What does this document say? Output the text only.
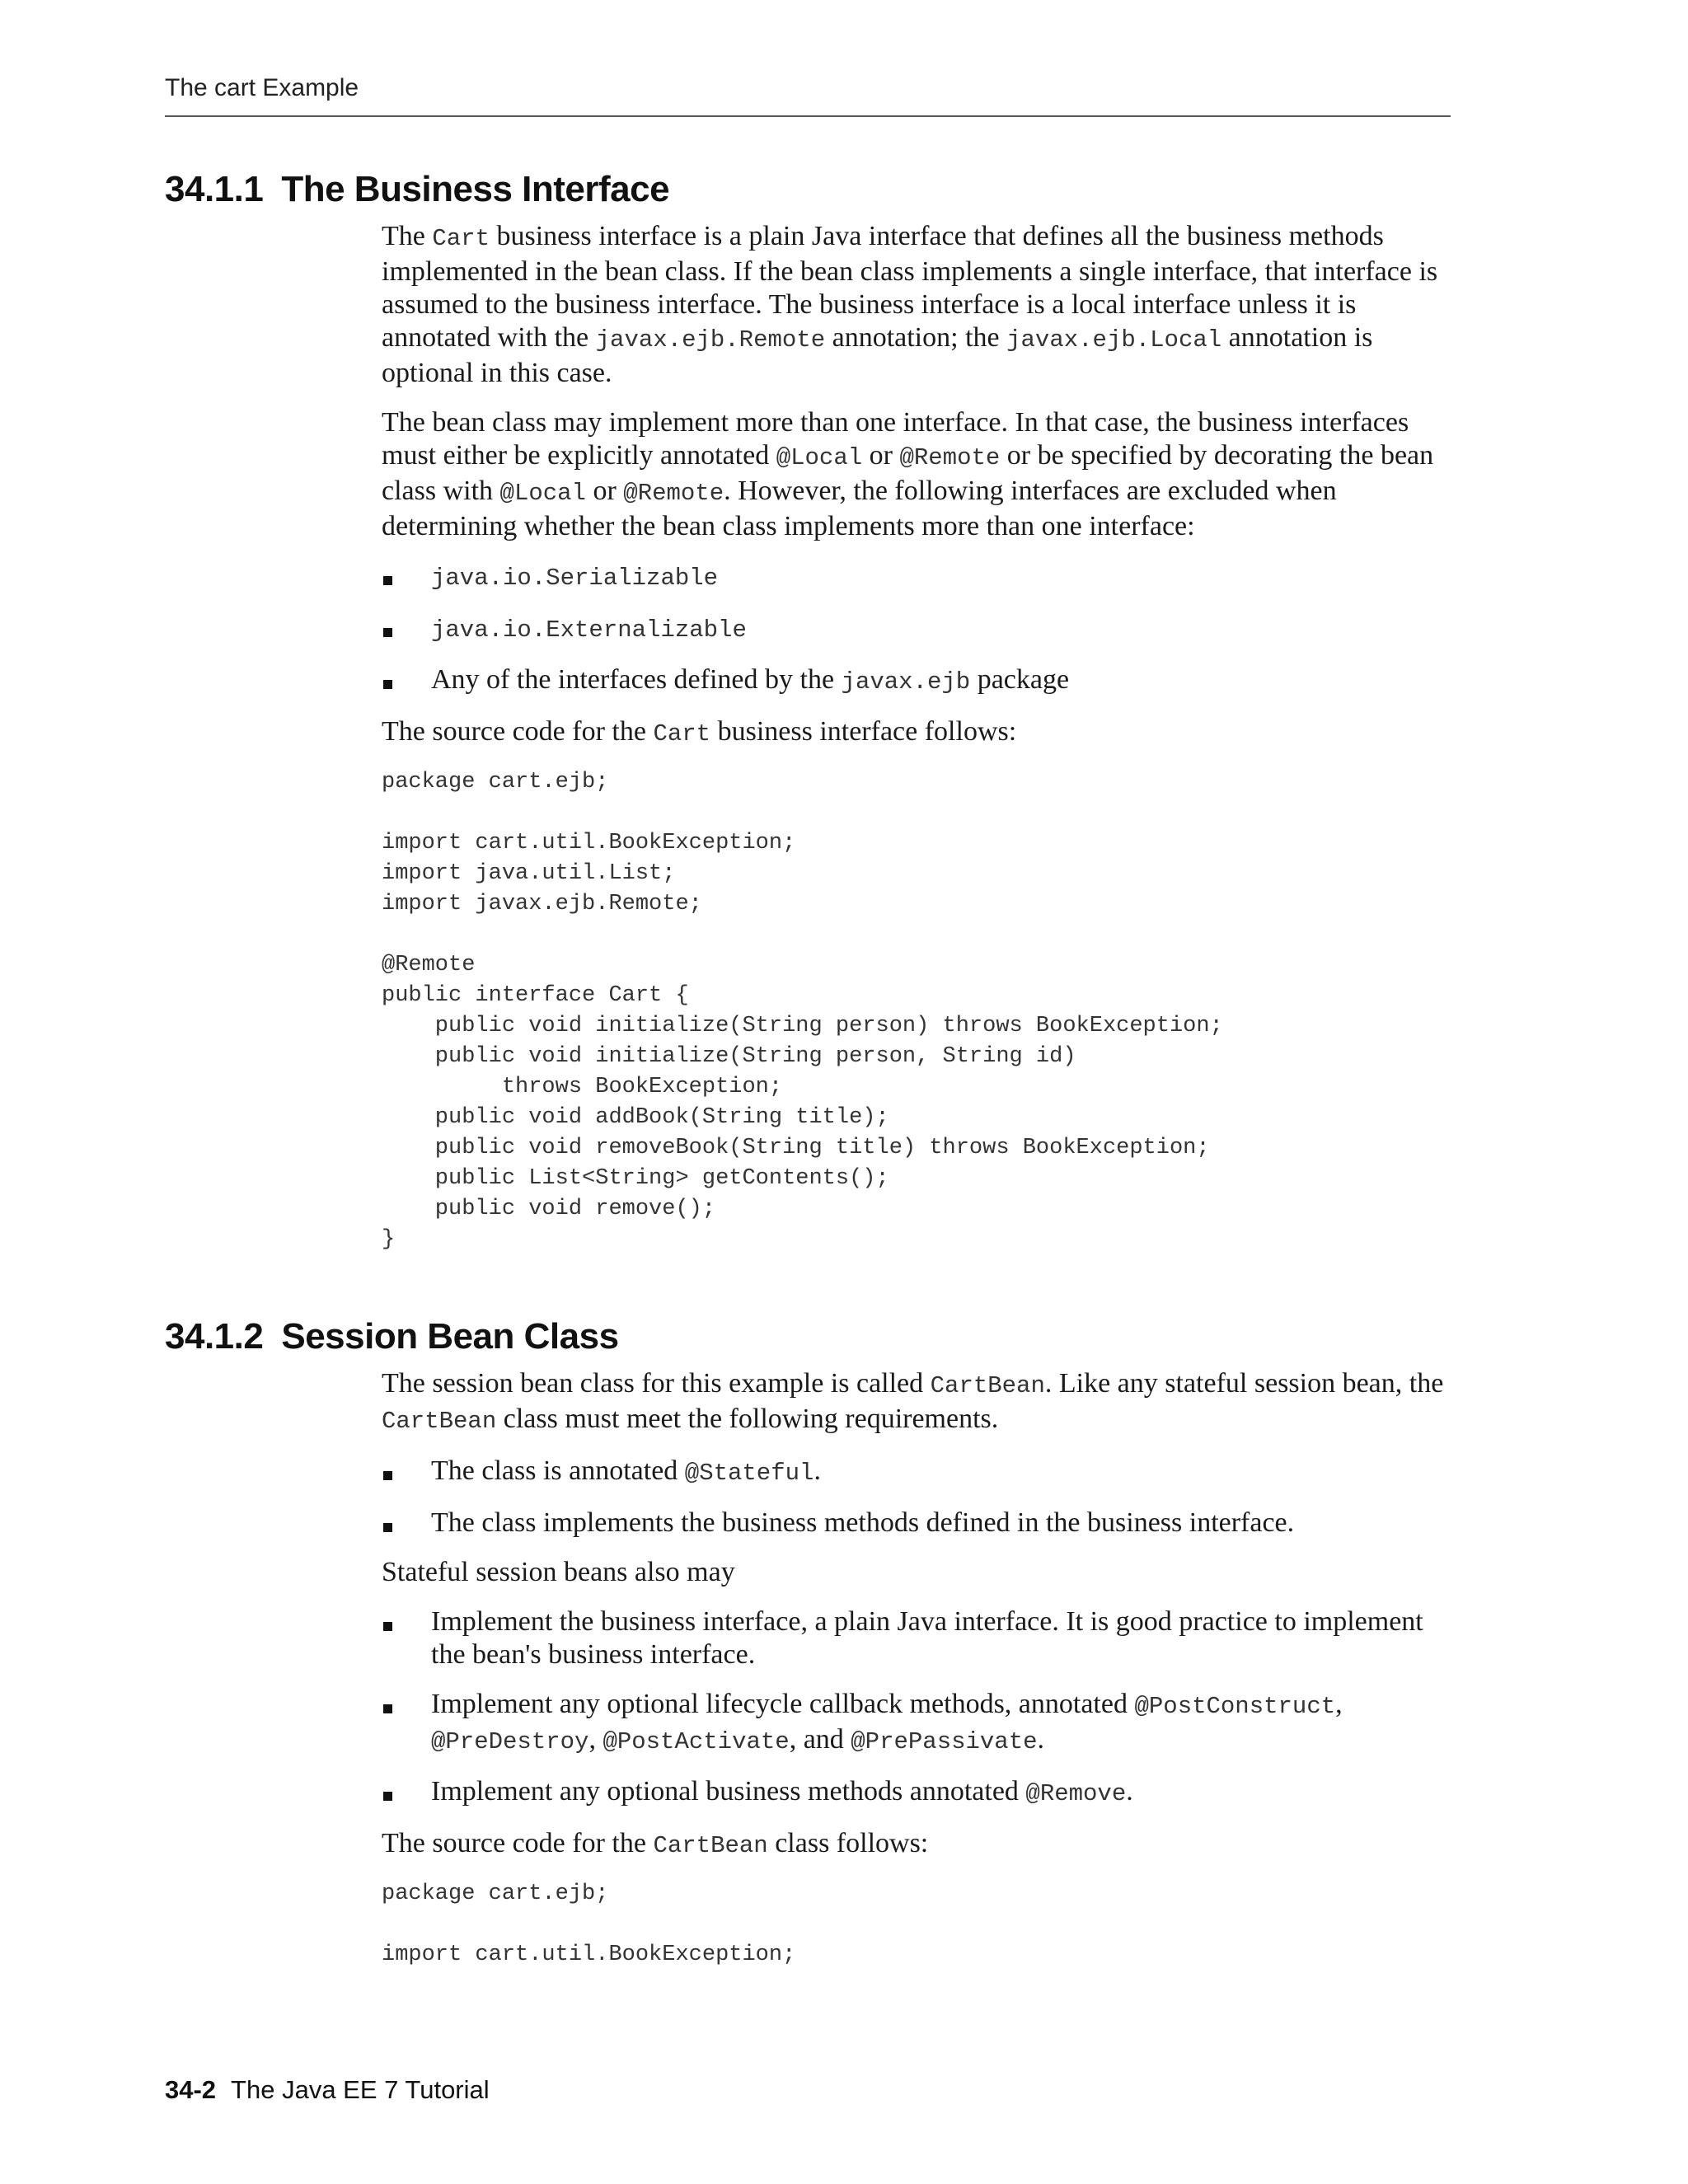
The cart Example
34.1.1 The Business Interface

The Cart business interface is a plain Java interface that defines all the business methods implemented in the bean class. If the bean class implements a single interface, that interface is assumed to the business interface. The business interface is a local interface unless it is annotated with the javax.ejb.Remote annotation; the javax.ejb.Local annotation is optional in this case.

The bean class may implement more than one interface. In that case, the business interfaces must either be explicitly annotated @Local or @Remote or be specified by decorating the bean class with @Local or @Remote. However, the following interfaces are excluded when determining whether the bean class implements more than one interface:

java.io.Serializable
java.io.Externalizable
Any of the interfaces defined by the javax.ejb package

The source code for the Cart business interface follows:

package cart.ejb;

import cart.util.BookException;
import java.util.List;
import javax.ejb.Remote;

@Remote
public interface Cart {
public void initialize(String person) throws BookException;
public void initialize(String person, String id)
throws BookException;
public void addBook(String title);
public void removeBook(String title) throws BookException;
public List<String> getContents();
public void remove();
}
34.1.2 Session Bean Class

The session bean class for this example is called CartBean. Like any stateful session bean, the CartBean class must meet the following requirements.

The class is annotated @Stateful.
The class implements the business methods defined in the business interface.

Stateful session beans also may

Implement the business interface, a plain Java interface. It is good practice to implement the bean's business interface.
Implement any optional lifecycle callback methods, annotated @PostConstruct, @PreDestroy, @PostActivate, and @PrePassivate.
Implement any optional business methods annotated @Remove.

The source code for the CartBean class follows:

package cart.ejb;

import cart.util.BookException;
34-2 The Java EE 7 Tutorial
